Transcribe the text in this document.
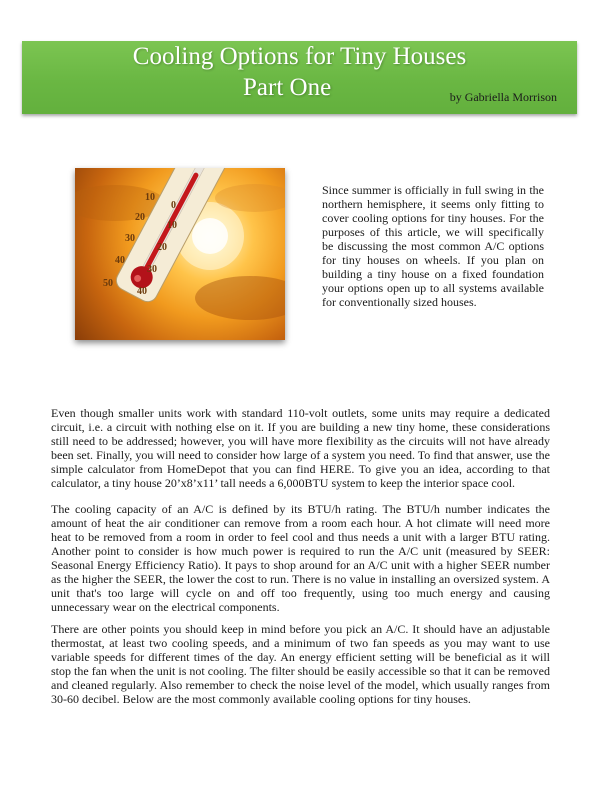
Cooling Options for Tiny Houses
Part One	by Gabriella Morrison
50
40
30
20
10
0
10
20
30
40

Since summer is officially in full swing in the northern hemisphere, it seems only fitting to cover cooling options for tiny houses. For the purposes of this article, we will specifically be discussing the most common A/C options for tiny houses on wheels. If you plan on building a tiny house on a fixed foundation your options open up to all systems available for conventionally sized houses.

Even though smaller units work with standard 110-volt outlets, some units may require a dedicated circuit, i.e. a circuit with nothing else on it. If you are building a new tiny home, these considerations still need to be addressed; however, you will have more flexibility as the circuits will not have already been set. Finally, you will need to consider how large of a system you need. To find that answer, use the simple calculator from HomeDepot that you can find HERE. To give you an idea, according to that calculator, a tiny house 20’x8’x11’ tall needs a 6,000BTU system to keep the interior space cool.

The cooling capacity of an A/C is defined by its BTU/h rating. The BTU/h number indicates the amount of heat the air conditioner can remove from a room each hour. A hot climate will need more heat to be removed from a room in order to feel cool and thus needs a unit with a larger BTU rating. Another point to consider is how much power is required to run the A/C unit (measured by SEER: Seasonal Energy Efficiency Ratio). It pays to shop around for an A/C unit with a higher SEER number as the higher the SEER, the lower the cost to run. There is no value in installing an oversized system. A unit that's too large will cycle on and off too frequently, using too much energy and causing unnecessary wear on the electrical components.

There are other points you should keep in mind before you pick an A/C. It should have an adjustable thermostat, at least two cooling speeds, and a minimum of two fan speeds as you may want to use variable speeds for different times of the day. An energy efficient setting will be beneficial as it will stop the fan when the unit is not cooling. The filter should be easily accessible so that it can be removed and cleaned regularly. Also remember to check the noise level of the model, which usually ranges from 30-60 decibel. Below are the most commonly available cooling options for tiny houses.
